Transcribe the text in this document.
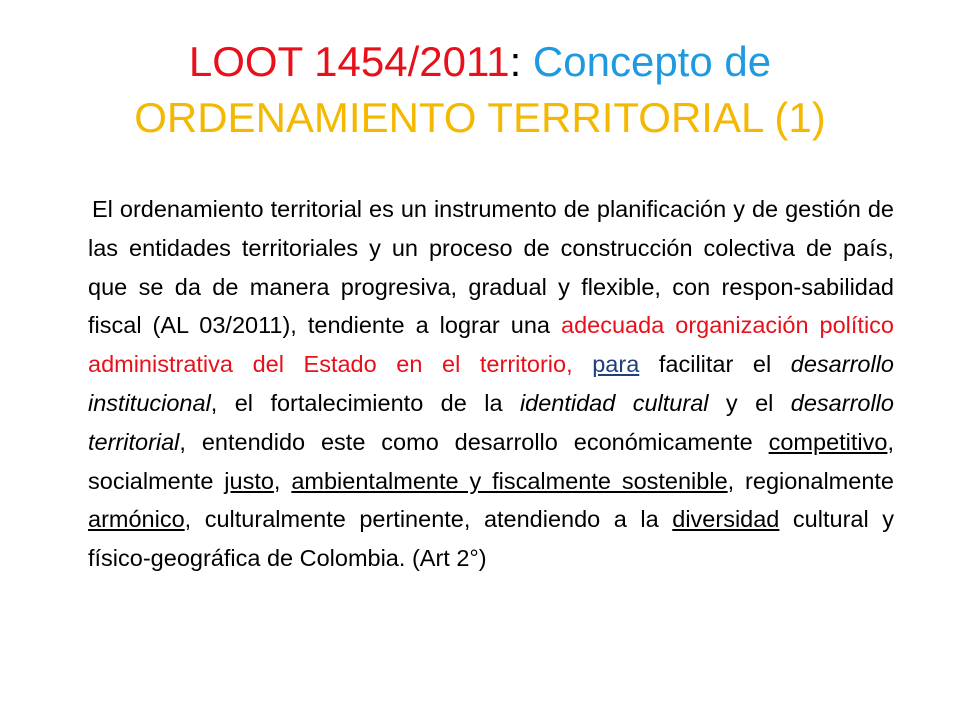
LOOT 1454/2011: Concepto de
ORDENAMIENTO TERRITORIAL (1)

El ordenamiento territorial es un instrumento de planificación y de gestión de las entidades territoriales y un proceso de construcción colectiva de país, que se da de manera progresiva, gradual y flexible, con respon-sabilidad fiscal (AL 03/2011), tendiente a lograr una adecuada organización político administrativa del Estado en el territorio, para facilitar el desarrollo institucional, el fortalecimiento de la identidad cultural y el desarrollo territorial, entendido este como desarrollo económicamente competitivo, socialmente justo, ambientalmente y fiscalmente sostenible, regionalmente armónico, culturalmente pertinente, atendiendo a la diversidad cultural y físico-geográfica de Colombia. (Art 2°)
